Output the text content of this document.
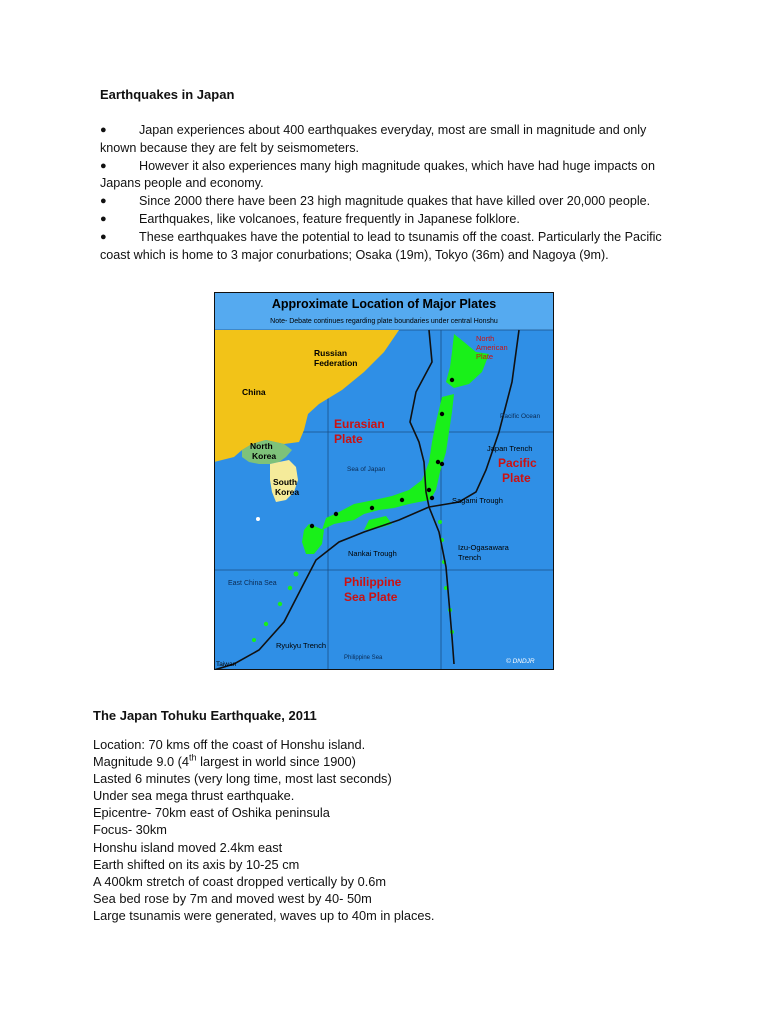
Earthquakes in Japan

●	Japan experiences about 400 earthquakes everyday, most are small in magnitude and only known because they are felt by seismometers.

●	However it also experiences many high magnitude quakes, which have had huge impacts on Japans people and economy.

●	Since 2000 there have been 23 high magnitude quakes that have killed over 20,000 people.

●	Earthquakes, like volcanoes, feature frequently in Japanese folklore.

●	These earthquakes have the potential to lead to tsunamis off the coast. Particularly the Pacific coast which is home to 3 major conurbations; Osaka (19m), Tokyo (36m) and Nagoya (9m).

Approximate Location of Major Plates
Note- Debate continues regarding plate boundaries under central Honshu
Russian
Federation
China
North
Korea
South
Korea
Sea of Japan
Eurasian
Plate
Pacific
Plate
Philippine
Sea Plate
North
American
Plate
Pacific Ocean
Japan Trench
Sagami Trough
Nankai Trough
Izu-Ogasawara
Trench
Ryukyu Trench
Taiwan
East China Sea
Philippine Sea	© DNDJR
The Japan Tohuku Earthquake, 2011

Location: 70 kms off the coast of Honshu island.

Magnitude 9.0 (4th largest in world since 1900)

Lasted 6 minutes (very long time, most last seconds)

Under sea mega thrust earthquake.

Epicentre- 70km east of Oshika peninsula

Focus- 30km

Honshu island moved 2.4km east

Earth shifted on its axis by 10-25 cm

A 400km stretch of coast dropped vertically by 0.6m

Sea bed rose by 7m and moved west by 40- 50m

Large tsunamis were generated, waves up to 40m in places.
